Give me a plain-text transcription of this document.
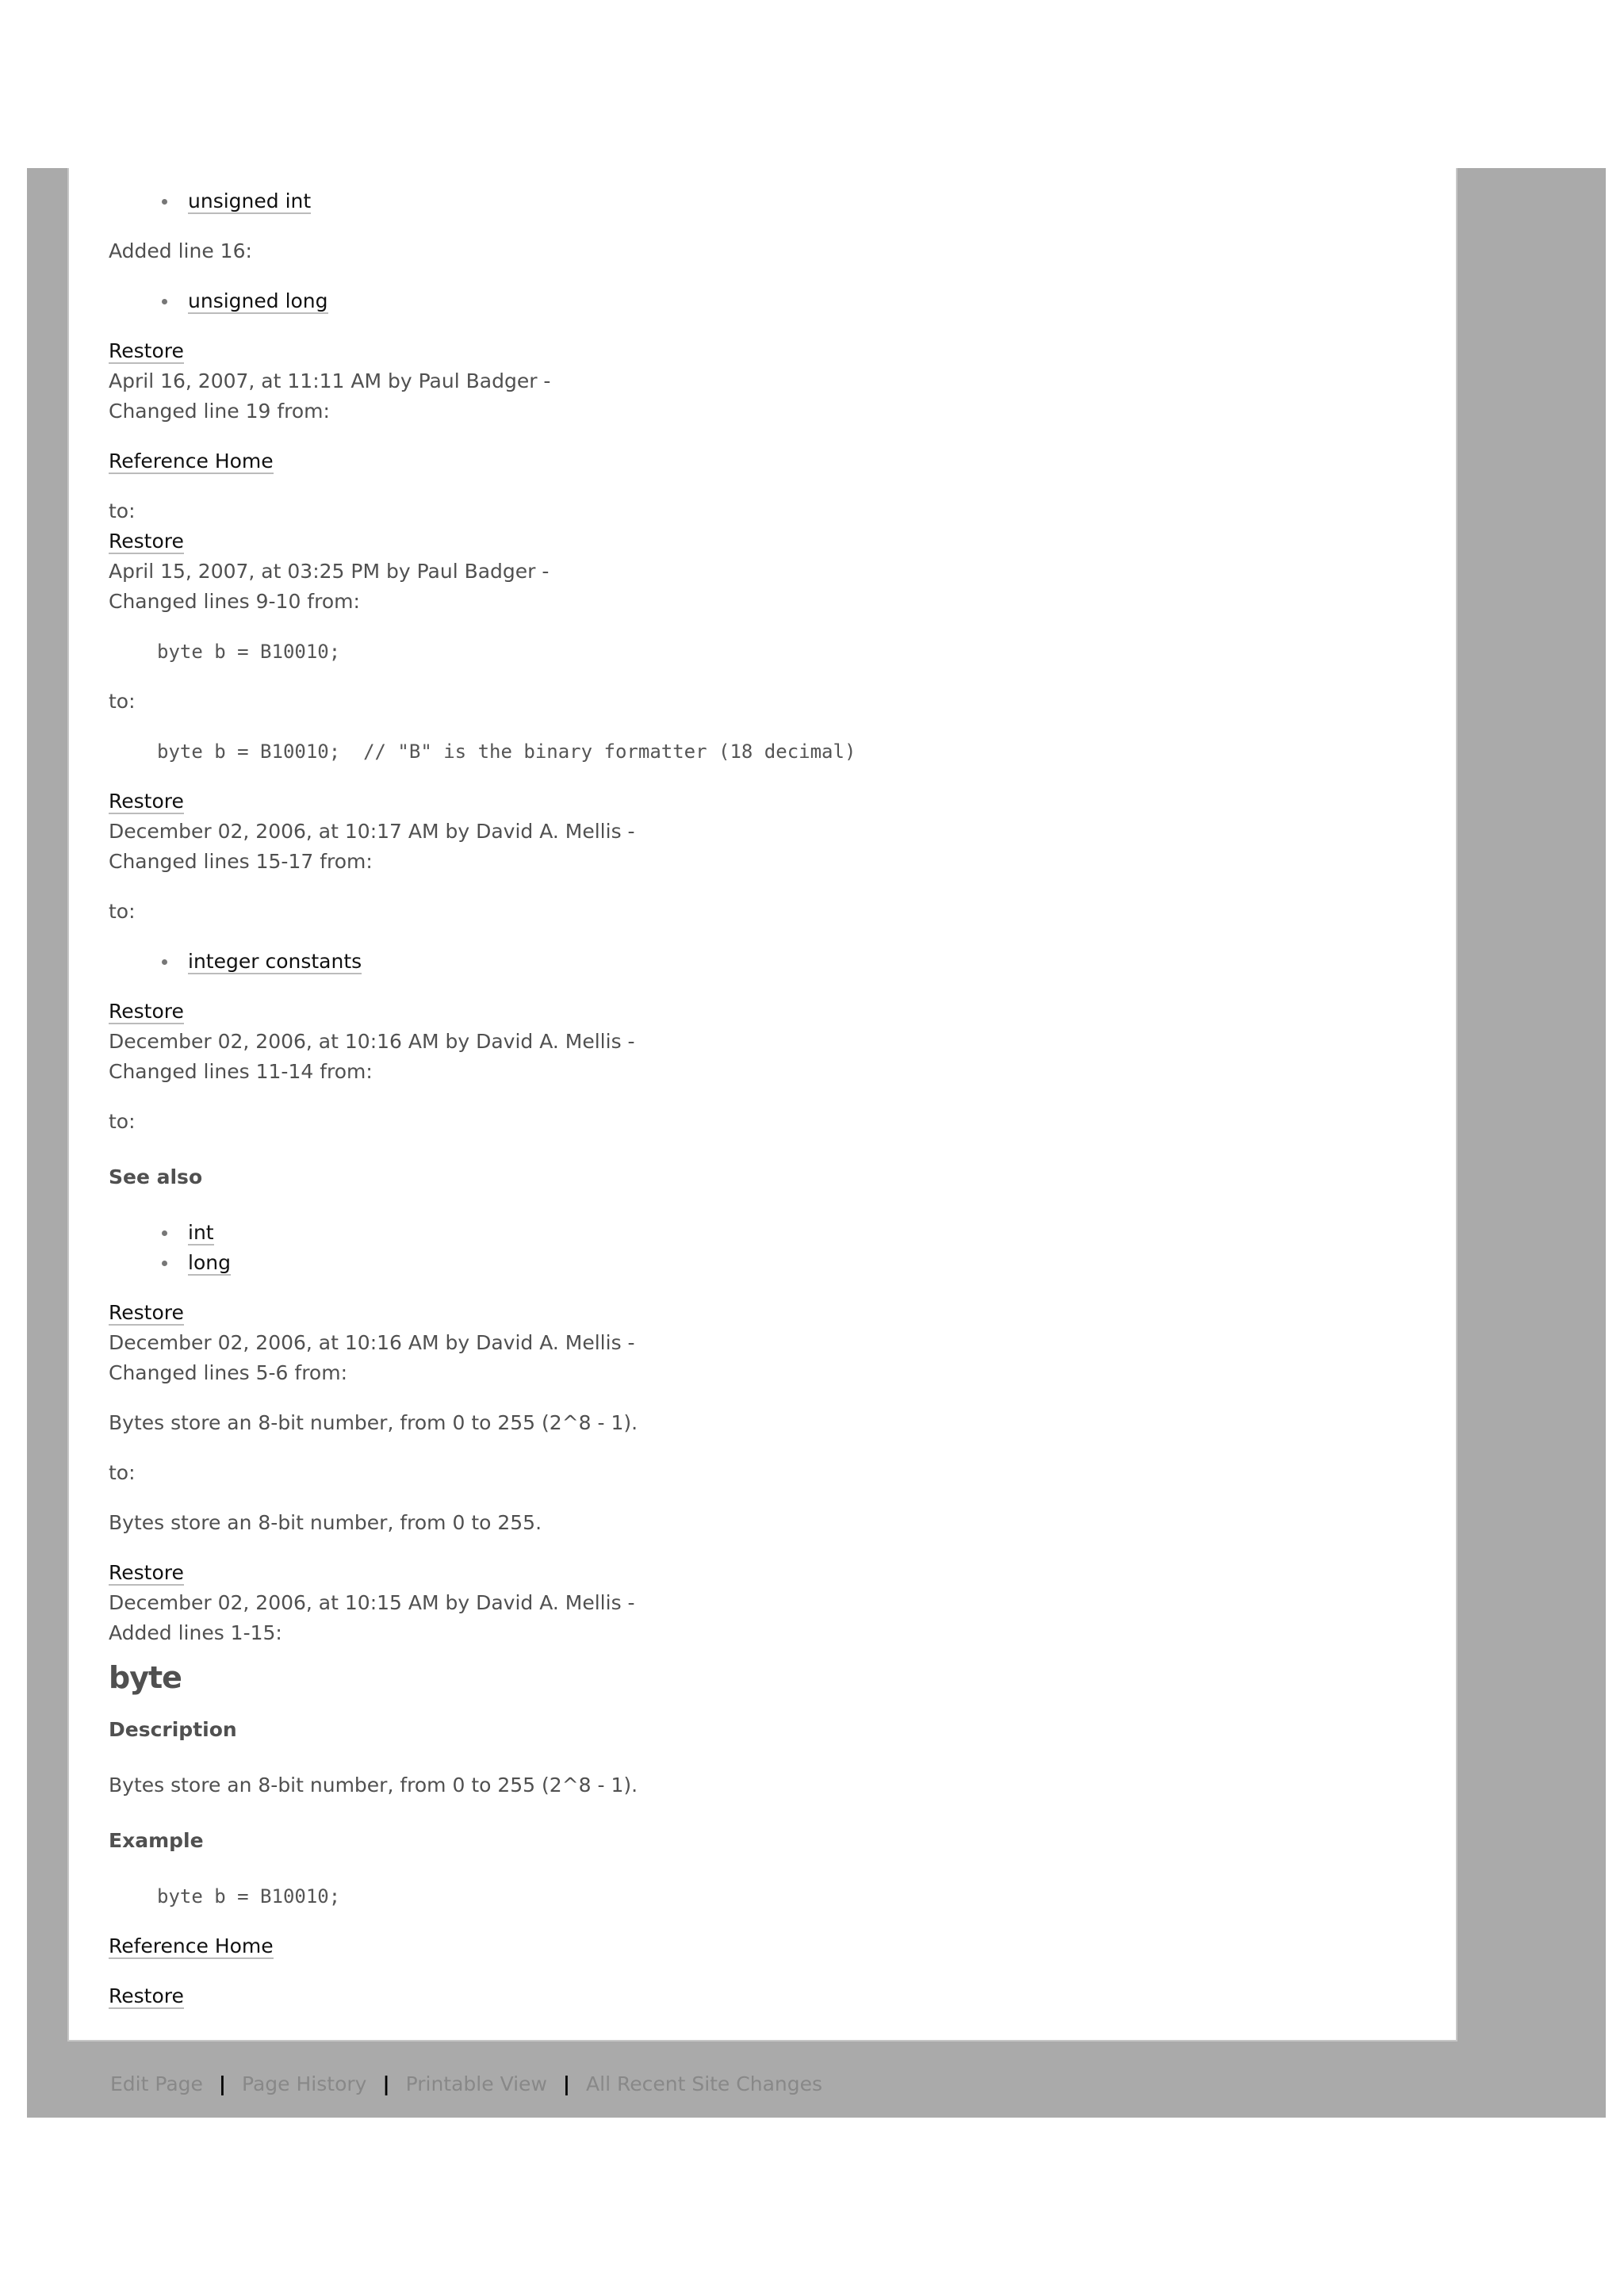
unsigned int

Added line 16:

unsigned long
Restore
April 16, 2007, at 11:11 AM by Paul Badger -
Changed line 19 from:

Reference Home

to:
Restore
April 15, 2007, at 03:25 PM by Paul Badger -
Changed lines 9-10 from:
byte b = B10010;

to:

byte b = B10010;  // "B" is the binary formatter (18 decimal)
Restore
December 02, 2006, at 10:17 AM by David A. Mellis -
Changed lines 15-17 from:

to:

integer constants
Restore
December 02, 2006, at 10:16 AM by David A. Mellis -
Changed lines 11-14 from:

to:

See also
int
long
Restore
December 02, 2006, at 10:16 AM by David A. Mellis -
Changed lines 5-6 from:

Bytes store an 8-bit number, from 0 to 255 (2^8 - 1).

to:

Bytes store an 8-bit number, from 0 to 255.

Restore
December 02, 2006, at 10:15 AM by David A. Mellis -
Added lines 1-15:
byte
Description

Bytes store an 8-bit number, from 0 to 255 (2^8 - 1).

Example
byte b = B10010;

Reference Home

Restore

Edit Page | Page History | Printable View | All Recent Site Changes
